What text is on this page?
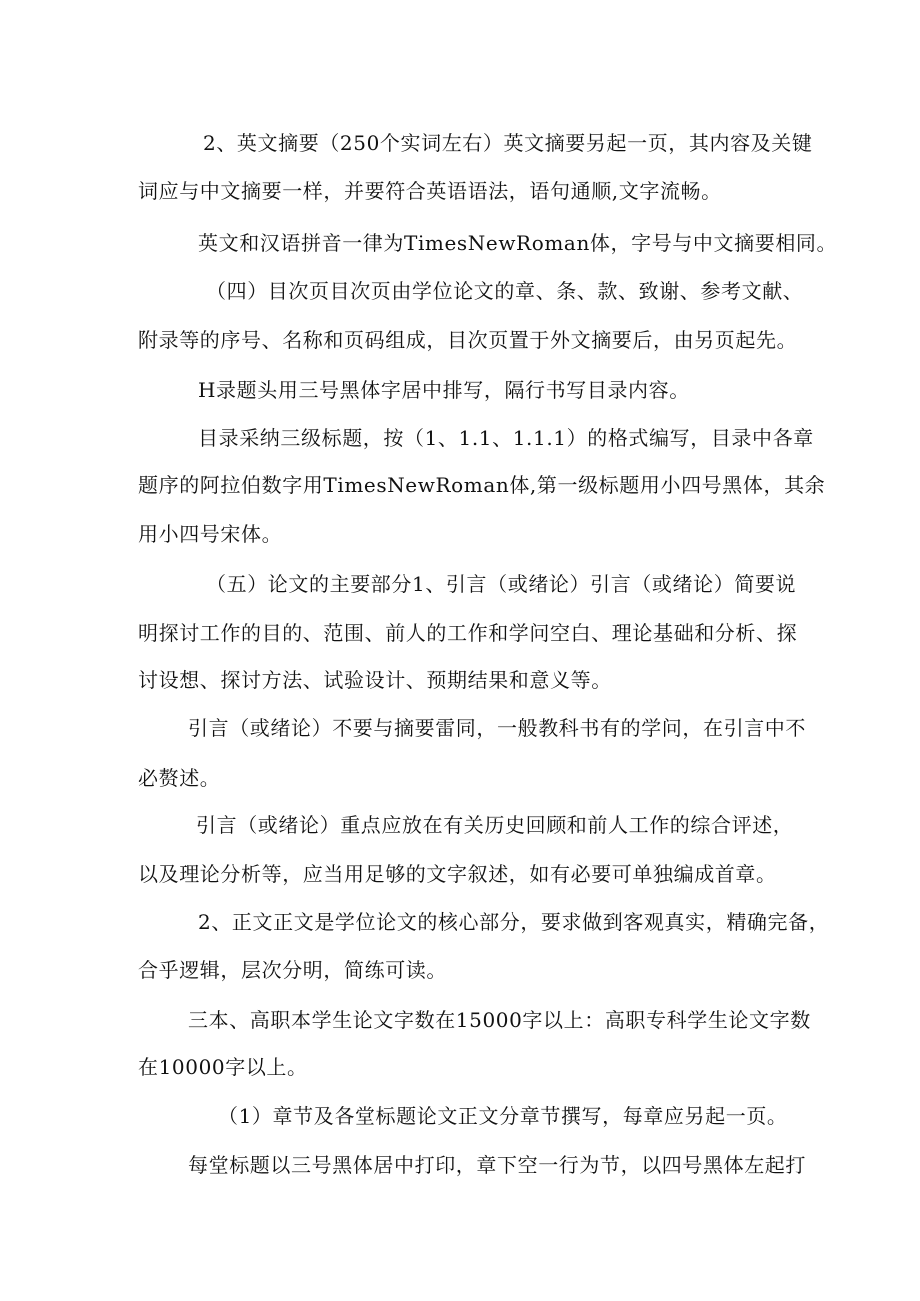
2、英文摘要（250个实词左右）英文摘要另起一页，其内容及关键
词应与中文摘要一样，并要符合英语语法，语句通顺,文字流畅。
英文和汉语拼音一律为TimesNewRoman体，字号与中文摘要相同。
（四）目次页目次页由学位论文的章、条、款、致谢、参考文献、
附录等的序号、名称和页码组成，目次页置于外文摘要后，由另页起先。
H录题头用三号黑体字居中排写，隔行书写目录内容。
目录采纳三级标题，按（1、1.1、1.1.1）的格式编写，目录中各章
题序的阿拉伯数字用TimesNewRoman体,第一级标题用小四号黑体，其余
用小四号宋体。
（五）论文的主要部分1、引言（或绪论）引言（或绪论）简要说
明探讨工作的目的、范围、前人的工作和学问空白、理论基础和分析、探
讨设想、探讨方法、试验设计、预期结果和意义等。
引言（或绪论）不要与摘要雷同，一般教科书有的学问，在引言中不
必赘述。
引言（或绪论）重点应放在有关历史回顾和前人工作的综合评述，
以及理论分析等，应当用足够的文字叙述，如有必要可单独编成首章。
2、正文正文是学位论文的核心部分，要求做到客观真实，精确完备，
合乎逻辑，层次分明，简练可读。
三本、高职本学生论文字数在15000字以上：高职专科学生论文字数
在10000字以上。
（1）章节及各堂标题论文正文分章节撰写，每章应另起一页。
每堂标题以三号黑体居中打印，章下空一行为节，以四号黑体左起打
